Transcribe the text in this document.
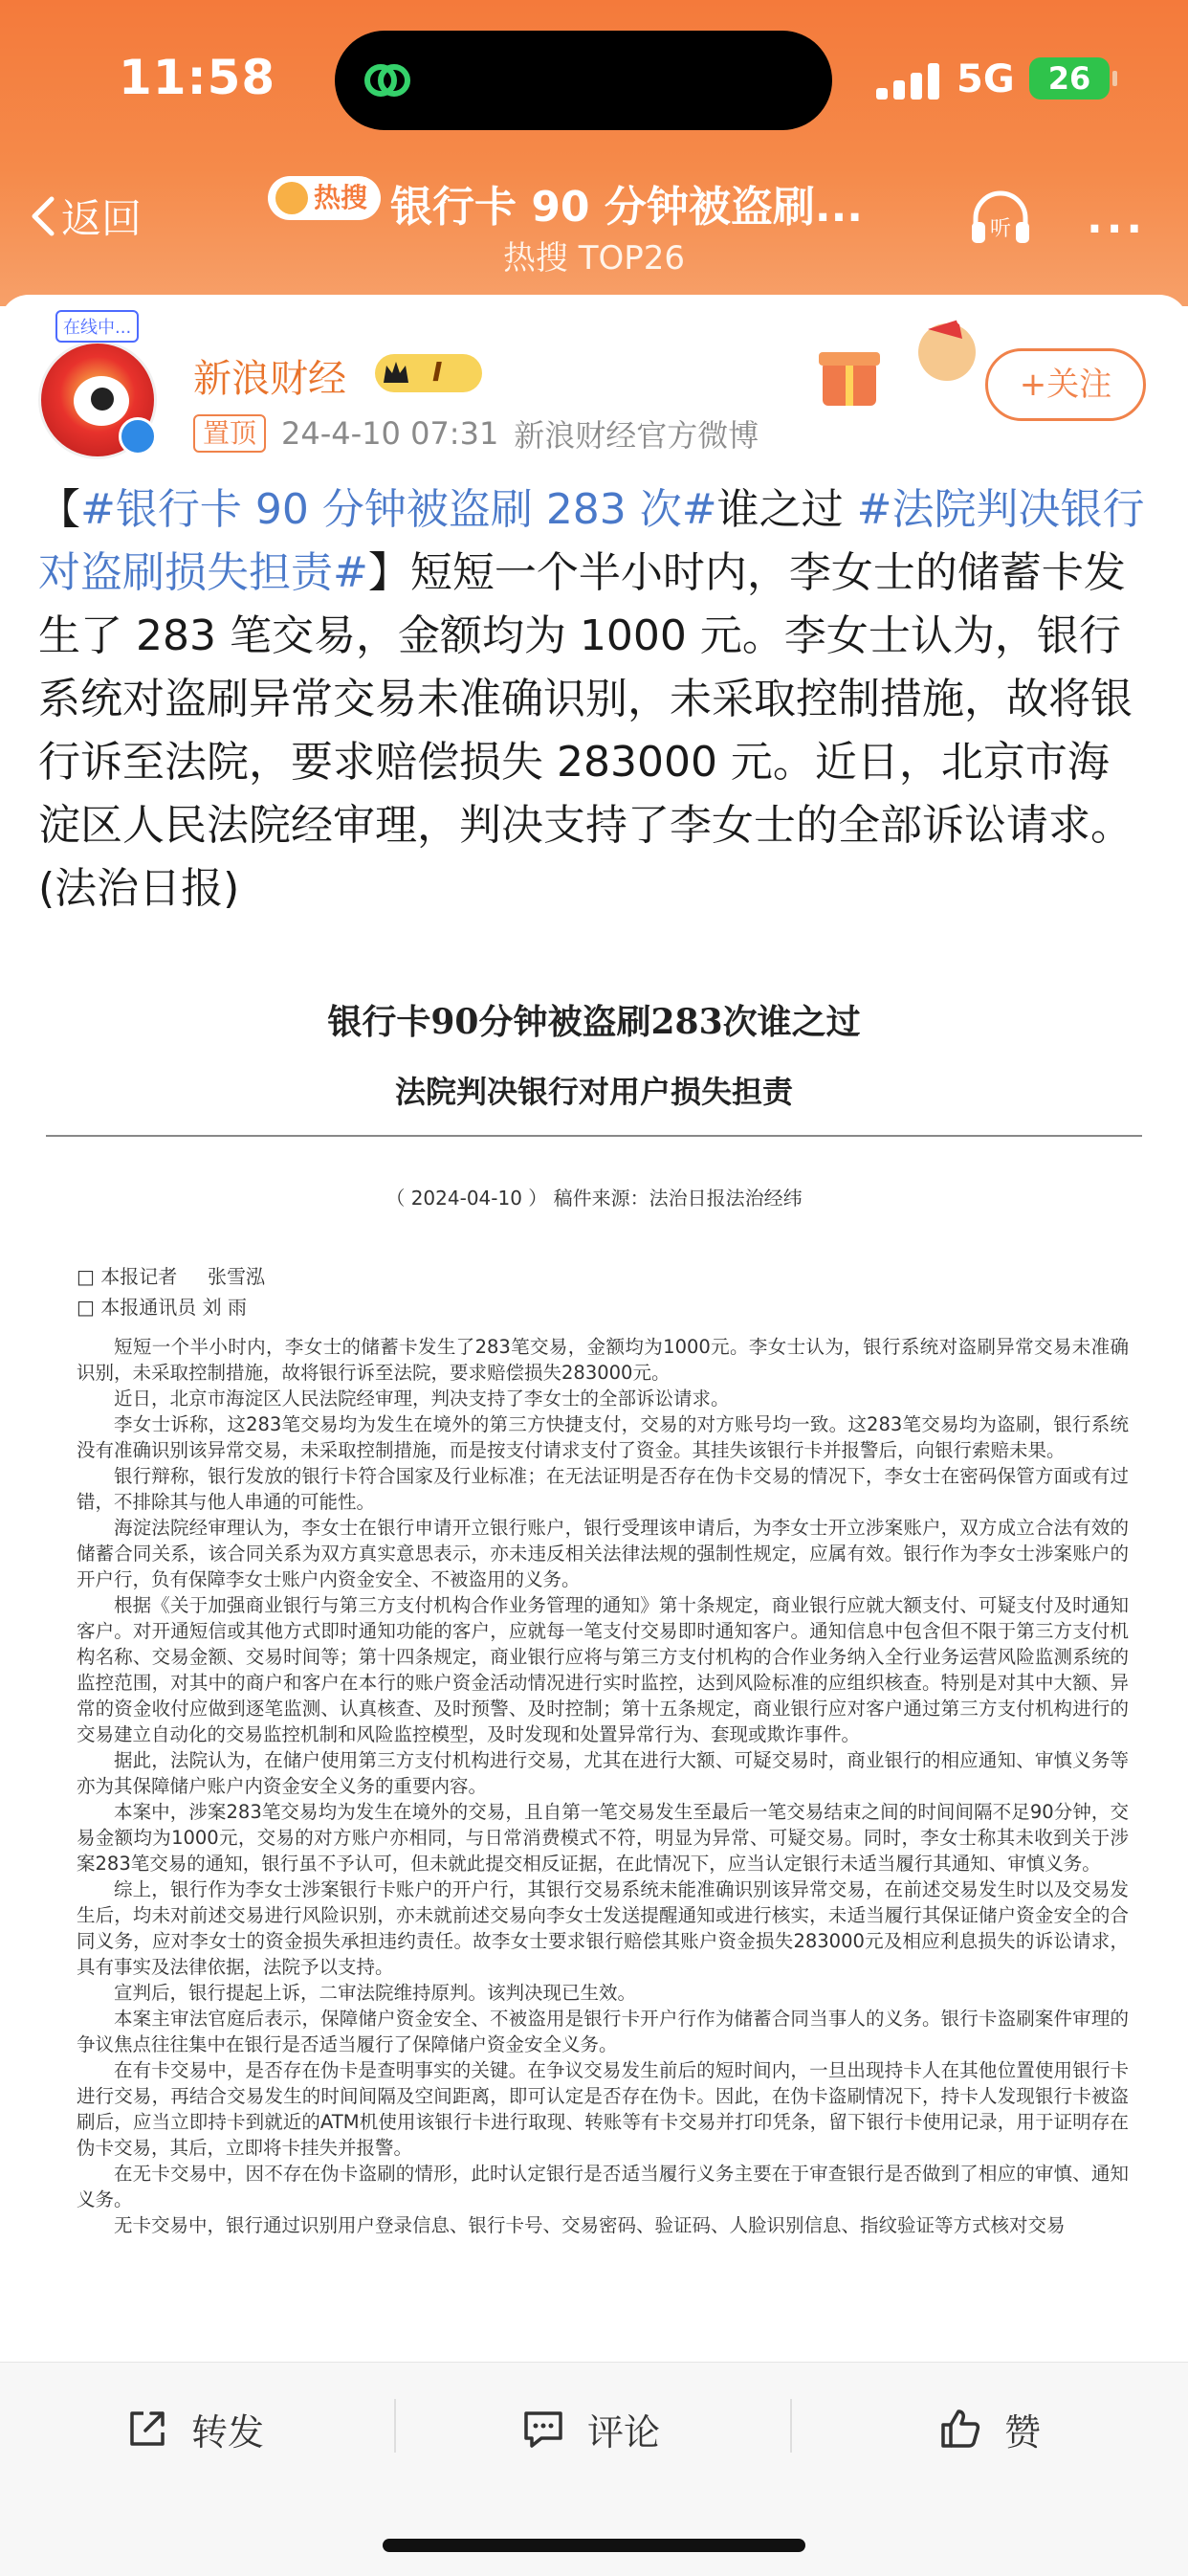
11:58	5G	26
返回	热搜 银行卡 90 分钟被盗刷...
热搜 TOP26
听 ···
在线中...
新浪财经	I
置顶 24-4-10 07:31 新浪财经官方微博
+关注
【#银行卡 90 分钟被盗刷 283 次#谁之过 #法院判决银行对盗刷损失担责#】短短一个半小时内，李女士的储蓄卡发生了 283 笔交易，金额均为 1000 元。李女士认为，银行系统对盗刷异常交易未准确识别，未采取控制措施，故将银行诉至法院，要求赔偿损失 283000 元。近日，北京市海淀区人民法院经审理，判决支持了李女士的全部诉讼请求。(法治日报)
银行卡90分钟被盗刷283次谁之过
法院判决银行对用户损失担责
（ 2024-04-10 ） 稿件来源：法治日报法治经纬
□ 本报记者     张雪泓
□ 本报通讯员 刘 雨

短短一个半小时内，李女士的储蓄卡发生了283笔交易，金额均为1000元。李女士认为，银行系统对盗刷异常交易未准确识别，未采取控制措施，故将银行诉至法院，要求赔偿损失283000元。

近日，北京市海淀区人民法院经审理，判决支持了李女士的全部诉讼请求。

李女士诉称，这283笔交易均为发生在境外的第三方快捷支付，交易的对方账号均一致。这283笔交易均为盗刷，银行系统没有准确识别该异常交易，未采取控制措施，而是按支付请求支付了资金。其挂失该银行卡并报警后，向银行索赔未果。

银行辩称，银行发放的银行卡符合国家及行业标准；在无法证明是否存在伪卡交易的情况下，李女士在密码保管方面或有过错，不排除其与他人串通的可能性。

海淀法院经审理认为，李女士在银行申请开立银行账户，银行受理该申请后，为李女士开立涉案账户，双方成立合法有效的储蓄合同关系，该合同关系为双方真实意思表示，亦未违反相关法律法规的强制性规定，应属有效。银行作为李女士涉案账户的开户行，负有保障李女士账户内资金安全、不被盗用的义务。

根据《关于加强商业银行与第三方支付机构合作业务管理的通知》第十条规定，商业银行应就大额支付、可疑支付及时通知客户。对开通短信或其他方式即时通知功能的客户，应就每一笔支付交易即时通知客户。通知信息中包含但不限于第三方支付机构名称、交易金额、交易时间等；第十四条规定，商业银行应将与第三方支付机构的合作业务纳入全行业务运营风险监测系统的监控范围，对其中的商户和客户在本行的账户资金活动情况进行实时监控，达到风险标准的应组织核查。特别是对其中大额、异常的资金收付应做到逐笔监测、认真核查、及时预警、及时控制；第十五条规定，商业银行应对客户通过第三方支付机构进行的交易建立自动化的交易监控机制和风险监控模型，及时发现和处置异常行为、套现或欺诈事件。

据此，法院认为，在储户使用第三方支付机构进行交易，尤其在进行大额、可疑交易时，商业银行的相应通知、审慎义务等亦为其保障储户账户内资金安全义务的重要内容。

本案中，涉案283笔交易均为发生在境外的交易，且自第一笔交易发生至最后一笔交易结束之间的时间间隔不足90分钟，交易金额均为1000元，交易的对方账户亦相同，与日常消费模式不符，明显为异常、可疑交易。同时，李女士称其未收到关于涉案283笔交易的通知，银行虽不予认可，但未就此提交相反证据，在此情况下，应当认定银行未适当履行其通知、审慎义务。

综上，银行作为李女士涉案银行卡账户的开户行，其银行交易系统未能准确识别该异常交易，在前述交易发生时以及交易发生后，均未对前述交易进行风险识别，亦未就前述交易向李女士发送提醒通知或进行核实，未适当履行其保证储户资金安全的合同义务，应对李女士的资金损失承担违约责任。故李女士要求银行赔偿其账户资金损失283000元及相应利息损失的诉讼请求，具有事实及法律依据，法院予以支持。

宣判后，银行提起上诉，二审法院维持原判。该判决现已生效。

本案主审法官庭后表示，保障储户资金安全、不被盗用是银行卡开户行作为储蓄合同当事人的义务。银行卡盗刷案件审理的争议焦点往往集中在银行是否适当履行了保障储户资金安全义务。

在有卡交易中，是否存在伪卡是查明事实的关键。在争议交易发生前后的短时间内，一旦出现持卡人在其他位置使用银行卡进行交易，再结合交易发生的时间间隔及空间距离，即可认定是否存在伪卡。因此，在伪卡盗刷情况下，持卡人发现银行卡被盗刷后，应当立即持卡到就近的ATM机使用该银行卡进行取现、转账等有卡交易并打印凭条，留下银行卡使用记录，用于证明存在伪卡交易，其后，立即将卡挂失并报警。

在无卡交易中，因不存在伪卡盗刷的情形，此时认定银行是否适当履行义务主要在于审查银行是否做到了相应的审慎、通知义务。

无卡交易中，银行通过识别用户登录信息、银行卡号、交易密码、验证码、人脸识别信息、指纹验证等方式核对交易

转发	评论	赞
